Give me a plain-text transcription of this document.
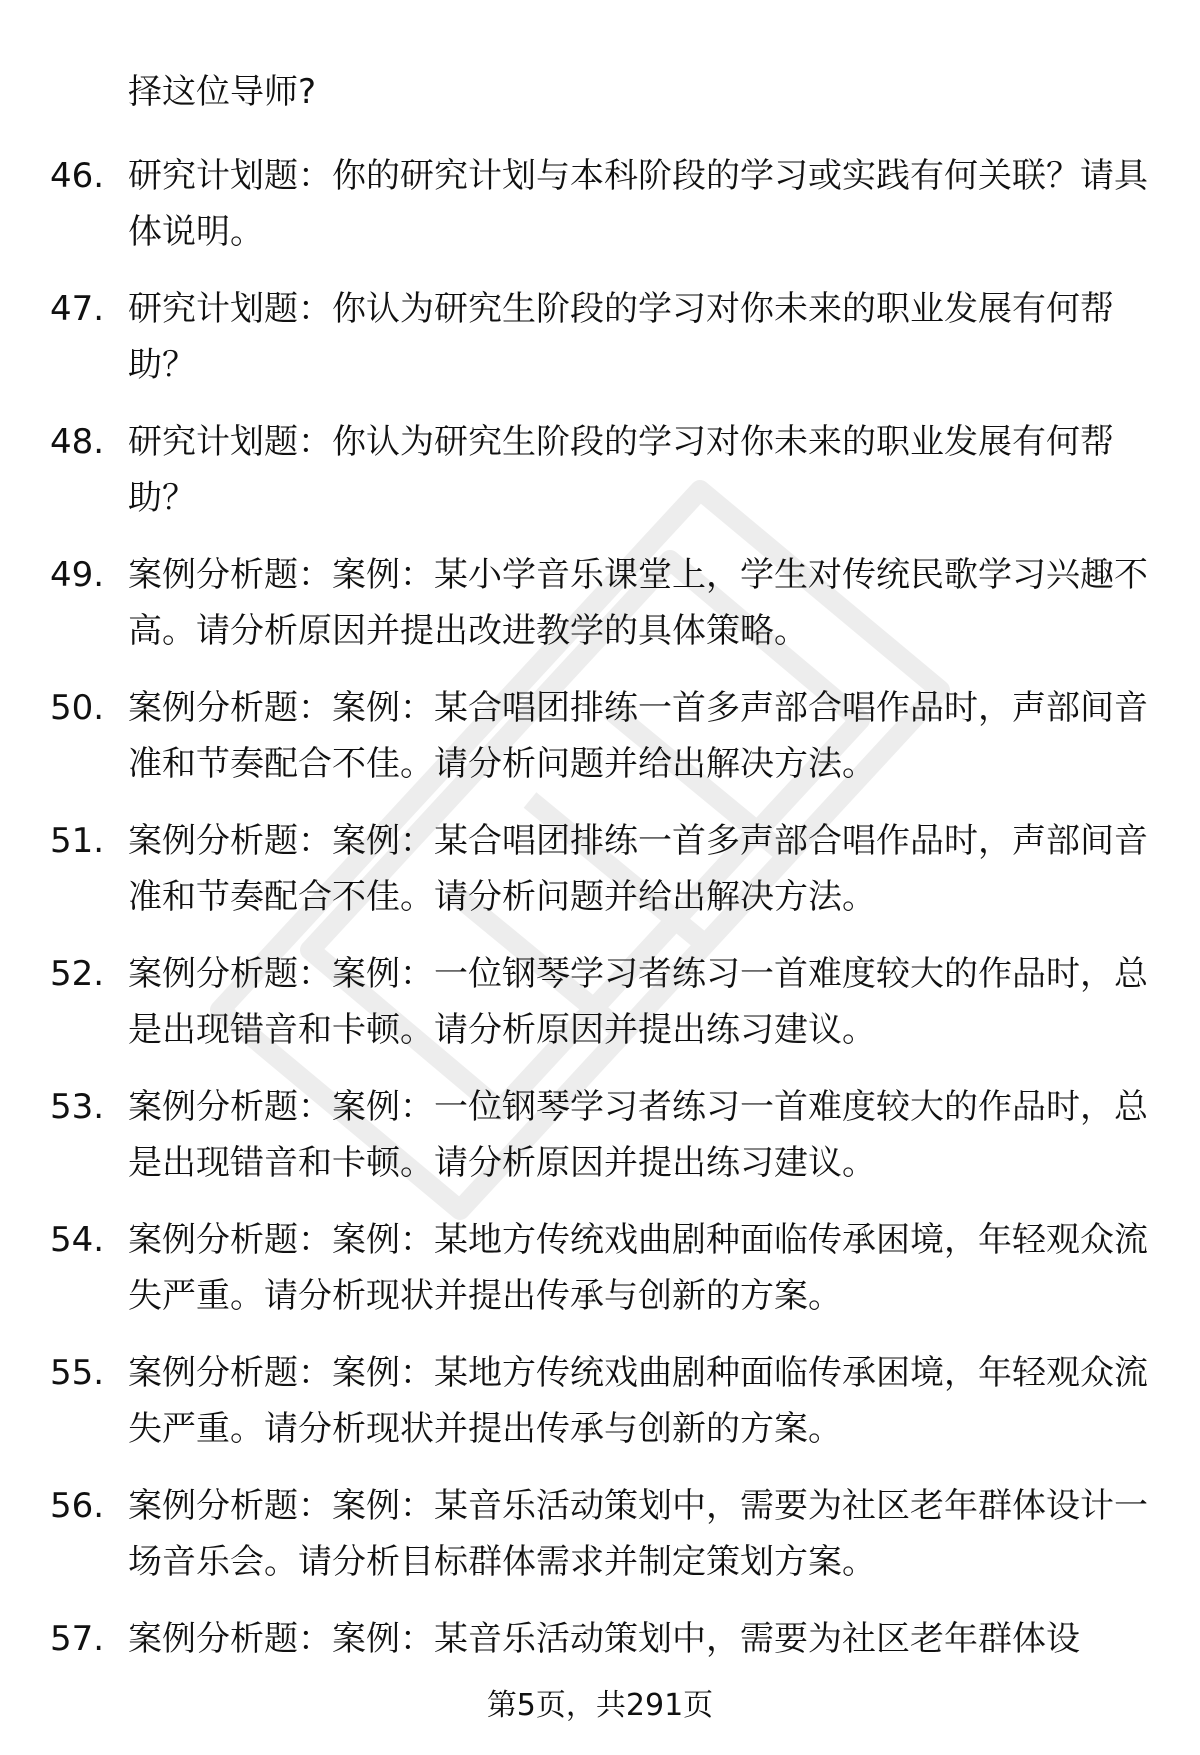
择这位导师?

46. 研究计划题：你的研究计划与本科阶段的学习或实践有何关联？请具体说明。

47. 研究计划题：你认为研究生阶段的学习对你未来的职业发展有何帮助？

48. 研究计划题：你认为研究生阶段的学习对你未来的职业发展有何帮助？

49. 案例分析题：案例：某小学音乐课堂上，学生对传统民歌学习兴趣不高。请分析原因并提出改进教学的具体策略。

50. 案例分析题：案例：某合唱团排练一首多声部合唱作品时，声部间音准和节奏配合不佳。请分析问题并给出解决方法。

51. 案例分析题：案例：某合唱团排练一首多声部合唱作品时，声部间音准和节奏配合不佳。请分析问题并给出解决方法。

52. 案例分析题：案例：一位钢琴学习者练习一首难度较大的作品时，总是出现错音和卡顿。请分析原因并提出练习建议。

53. 案例分析题：案例：一位钢琴学习者练习一首难度较大的作品时，总是出现错音和卡顿。请分析原因并提出练习建议。

54. 案例分析题：案例：某地方传统戏曲剧种面临传承困境，年轻观众流失严重。请分析现状并提出传承与创新的方案。

55. 案例分析题：案例：某地方传统戏曲剧种面临传承困境，年轻观众流失严重。请分析现状并提出传承与创新的方案。

56. 案例分析题：案例：某音乐活动策划中，需要为社区老年群体设计一场音乐会。请分析目标群体需求并制定策划方案。

57. 案例分析题：案例：某音乐活动策划中，需要为社区老年群体设

第5页，共291页
